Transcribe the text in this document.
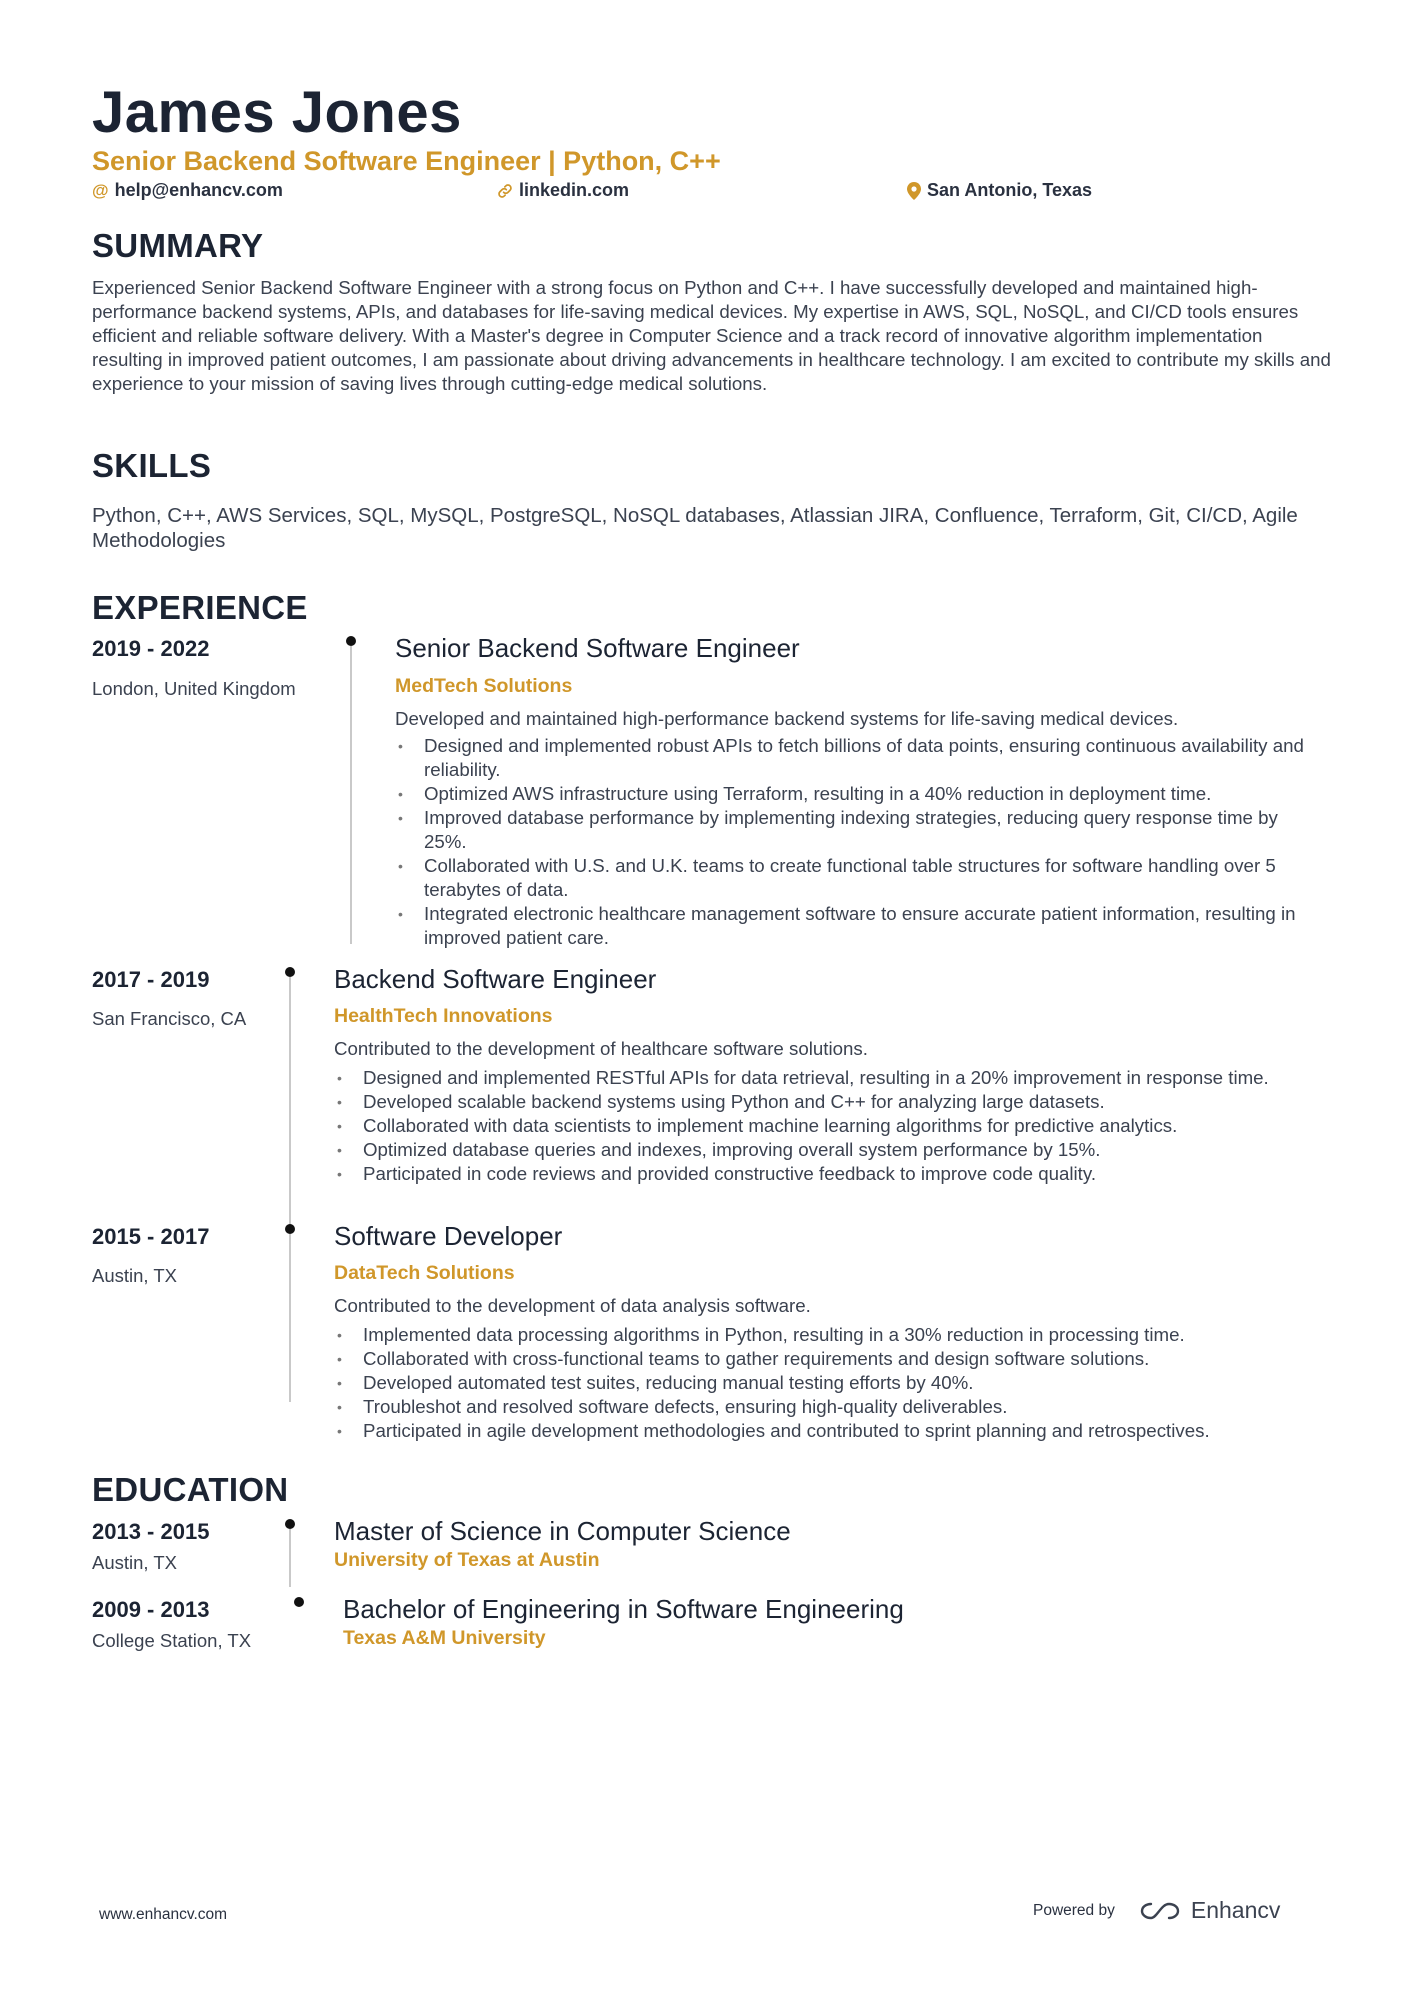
James Jones
Senior Backend Software Engineer | Python, C++
@ help@enhancv.com	linkedin.com	San Antonio, Texas
SUMMARY

Experienced Senior Backend Software Engineer with a strong focus on Python and C++. I have successfully developed and maintained high-performance backend systems, APIs, and databases for life-saving medical devices. My expertise in AWS, SQL, NoSQL, and CI/CD tools ensures efficient and reliable software delivery. With a Master's degree in Computer Science and a track record of innovative algorithm implementation resulting in improved patient outcomes, I am passionate about driving advancements in healthcare technology. I am excited to contribute my skills and experience to your mission of saving lives through cutting-edge medical solutions.

SKILLS

Python, C++, AWS Services, SQL, MySQL, PostgreSQL, NoSQL databases, Atlassian JIRA, Confluence, Terraform, Git, CI/CD, Agile Methodologies

EXPERIENCE
2019 - 2022
London, United Kingdom
Senior Backend Software Engineer
MedTech Solutions
Developed and maintained high-performance backend systems for life-saving medical devices.
• Designed and implemented robust APIs to fetch billions of data points, ensuring continuous availability and reliability.
• Optimized AWS infrastructure using Terraform, resulting in a 40% reduction in deployment time.
• Improved database performance by implementing indexing strategies, reducing query response time by 25%.
• Collaborated with U.S. and U.K. teams to create functional table structures for software handling over 5 terabytes of data.
• Integrated electronic healthcare management software to ensure accurate patient information, resulting in improved patient care.
2017 - 2019
San Francisco, CA
Backend Software Engineer
HealthTech Innovations
Contributed to the development of healthcare software solutions.
• Designed and implemented RESTful APIs for data retrieval, resulting in a 20% improvement in response time.
• Developed scalable backend systems using Python and C++ for analyzing large datasets.
• Collaborated with data scientists to implement machine learning algorithms for predictive analytics.
• Optimized database queries and indexes, improving overall system performance by 15%.
• Participated in code reviews and provided constructive feedback to improve code quality.
2015 - 2017
Austin, TX
Software Developer
DataTech Solutions
Contributed to the development of data analysis software.
• Implemented data processing algorithms in Python, resulting in a 30% reduction in processing time.
• Collaborated with cross-functional teams to gather requirements and design software solutions.
• Developed automated test suites, reducing manual testing efforts by 40%.
• Troubleshot and resolved software defects, ensuring high-quality deliverables.
• Participated in agile development methodologies and contributed to sprint planning and retrospectives.
EDUCATION
2013 - 2015
Austin, TX
Master of Science in Computer Science
University of Texas at Austin
2009 - 2013
College Station, TX
Bachelor of Engineering in Software Engineering
Texas A&M University
www.enhancv.com	Powered by	Enhancv
